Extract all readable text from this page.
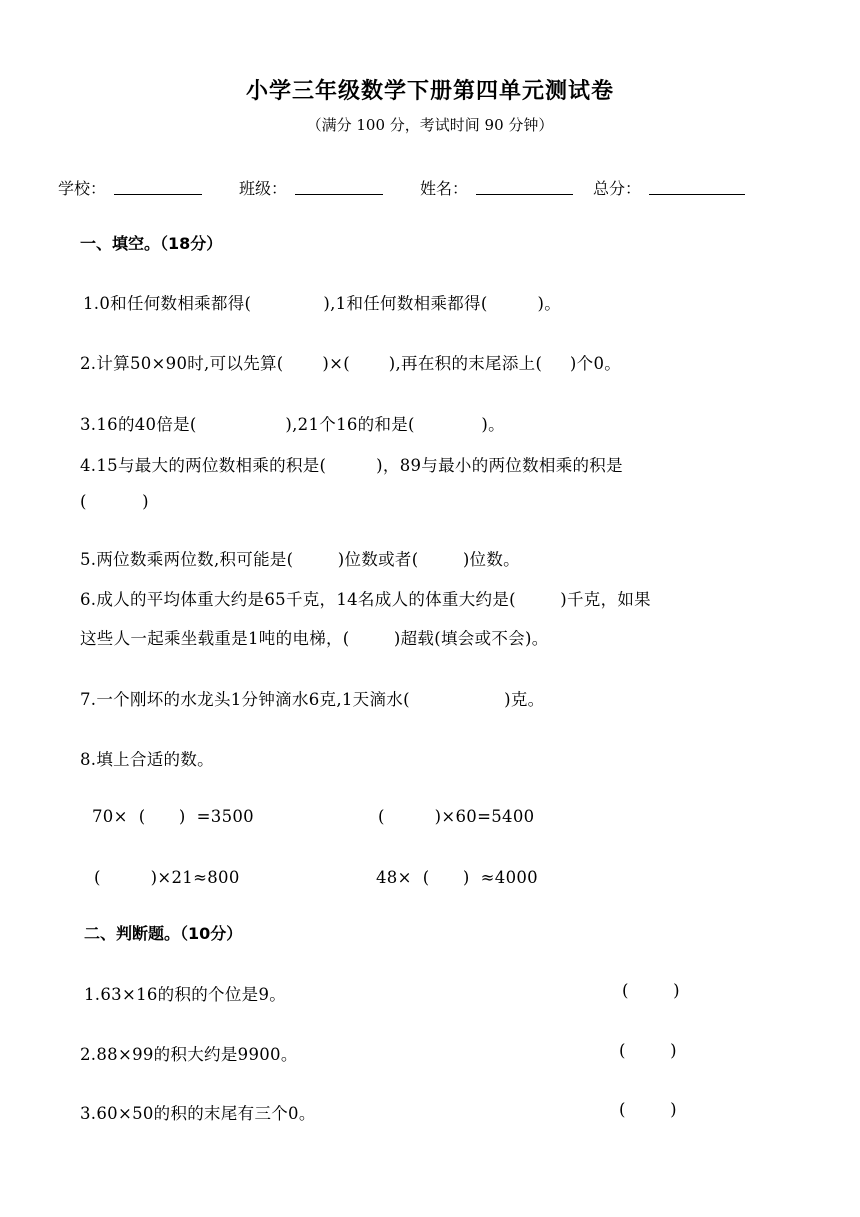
小学三年级数学下册第四单元测试卷
（满分 100 分，考试时间 90 分钟）
学校：	班级：	姓名：	总分：
一、填空。（18分）
1.0和任何数相乘都得(             ),1和任何数相乘都得(         )。
2.计算50×90时,可以先算(       )×(       ),再在积的末尾添上(     )个0。
3.16的40倍是(                ),21个16的和是(            )。
4.15与最大的两位数相乘的积是(         )，89与最小的两位数相乘的积是
(          )
5.两位数乘两位数,积可能是(        )位数或者(        )位数。
6.成人的平均体重大约是65千克，14名成人的体重大约是(        )千克，如果
这些人一起乘坐载重是1吨的电梯，(        )超载(填会或不会)。
7.一个刚坏的水龙头1分钟滴水6克,1天滴水(                 )克。
8.填上合适的数。
70×  (      )  =3500	(         )×60=5400
(         )×21≈800	48×  (      )  ≈4000
二、判断题。（10分）
1.63×16的积的个位是9。	(        )
2.88×99的积大约是9900。	(        )
3.60×50的积的末尾有三个0。	(        )
